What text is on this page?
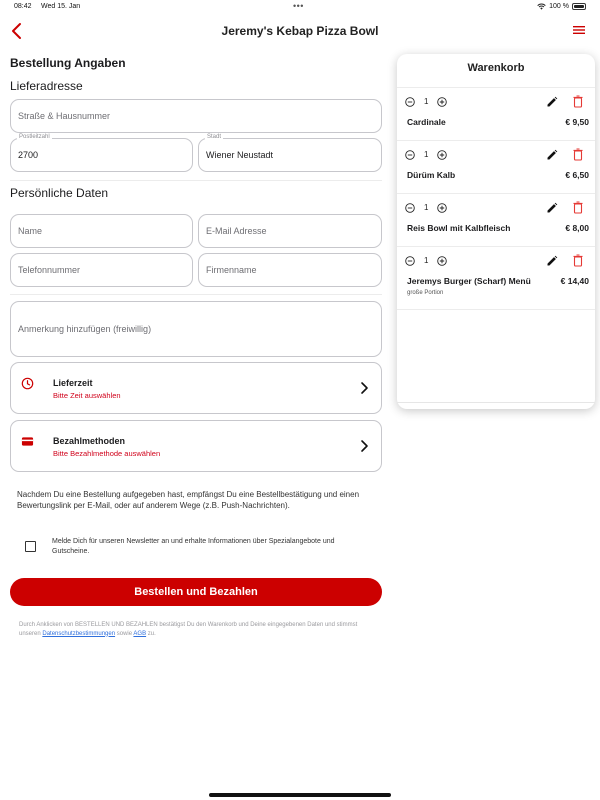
08:42 Wed 15. Jan	•••	100 %
Jeremy's Kebap Pizza Bowl
Bestellung Angaben
Lieferadresse
Straße & Hausnummer
Postleitzahl
2700
Stadt
Wiener Neustadt
Persönliche Daten
Name	E-Mail Adresse
Telefonnummer	Firmenname
Anmerkung hinzufügen (freiwillig)
Lieferzeit
Bitte Zeit auswählen
Bezahlmethoden
Bitte Bezahlmethode auswählen
Nachdem Du eine Bestellung aufgegeben hast, empfängst Du eine Bestellbestätigung und einen Bewertungslink per E-Mail, oder auf anderem Wege (z.B. Push-Nachrichten).
Melde Dich für unseren Newsletter an und erhalte Informationen über Spezialangebote und Gutscheine.
Bestellen und Bezahlen
Durch Anklicken von BESTELLEN UND BEZAHLEN bestätigst Du den Warenkorb und Deine eingegebenen Daten und stimmst unseren Datenschutzbestimmungen sowie AGB zu.
Warenkorb
1
Cardinale	€ 9,50
1
Dürüm Kalb	€ 6,50
1
Reis Bowl mit Kalbfleisch	€ 8,00
1
Jeremys Burger (Scharf) Menü	€ 14,40
große Portion
